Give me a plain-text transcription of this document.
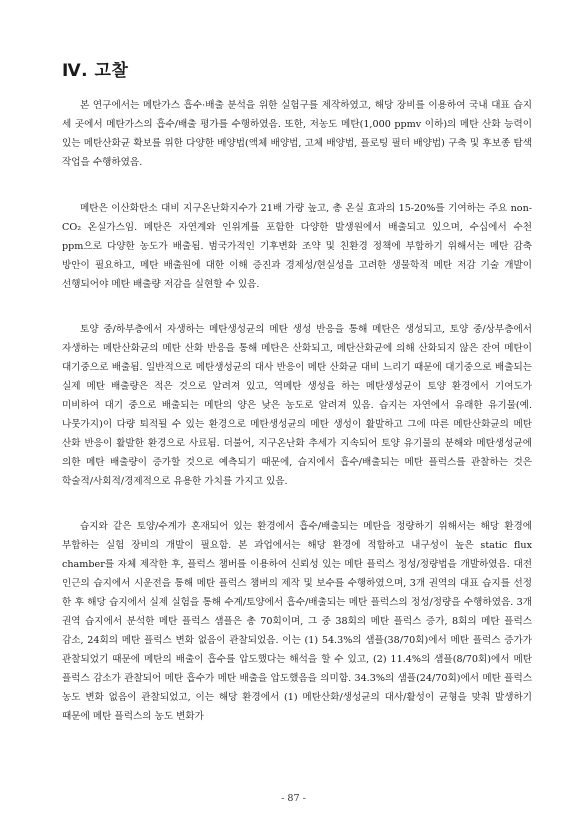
Ⅳ. 고찰

본 연구에서는 메탄가스 흡수·배출 분석을 위한 실험구를 제작하였고, 해당 장비를 이용하여 국내 대표 습지 세 곳에서 메탄가스의 흡수/배출 평가를 수행하였음. 또한, 저농도 메탄(1,000 ppmv 이하)의 메탄 산화 능력이 있는 메탄산화균 확보를 위한 다양한 배양법(액체 배양법, 고체 배양법, 플로팅 필터 배양법) 구축 및 후보종 탐색 작업을 수행하였음.

메탄은 이산화탄소 대비 지구온난화지수가 21배 가량 높고, 총 온실 효과의 15-20%를 기여하는 주요 non-CO₂ 온실가스임. 메탄은 자연계와 인위계를 포함한 다양한 발생원에서 배출되고 있으며, 수십에서 수천 ppm으로 다양한 농도가 배출됨. 범국가적인 기후변화 조약 및 친환경 정책에 부합하기 위해서는 메탄 감축 방안이 필요하고, 메탄 배출원에 대한 이해 증진과 경제성/현실성을 고려한 생물학적 메탄 저감 기술 개발이 선행되어야 메탄 배출량 저감을 실현할 수 있음.

토양 중/하부층에서 자생하는 메탄생성균의 메탄 생성 반응을 통해 메탄은 생성되고, 토양 중/상부층에서 자생하는 메탄산화균의 메탄 산화 반응을 통해 메탄은 산화되고, 메탄산화균에 의해 산화되지 않은 잔여 메탄이 대기중으로 배출됨. 일반적으로 메탄생성균의 대사 반응이 메탄 산화균 대비 느리기 때문에 대기중으로 배출되는 실제 메탄 배출량은 적은 것으로 알려져 있고, 역메탄 생성을 하는 메탄생성균이 토양 환경에서 기여도가 미비하여 대기 중으로 배출되는 메탄의 양은 낮은 농도로 알려져 있음. 습지는 자연에서 유래한 유기물(예. 나뭇가지)이 다량 퇴적될 수 있는 환경으로 메탄생성균의 메탄 생성이 활발하고 그에 따른 메탄산화균의 메탄 산화 반응이 활발한 환경으로 사료됨. 더불어, 지구온난화 추세가 지속되어 토양 유기물의 분해와 메탄생성균에 의한 메탄 배출량이 증가할 것으로 예측되기 때문에, 습지에서 흡수/배출되는 메탄 플럭스를 관찰하는 것은 학술적/사회적/경제적으로 유용한 가치를 가지고 있음.

습지와 같은 토양/수계가 혼재되어 있는 환경에서 흡수/배출되는 메탄을 정량하기 위해서는 해당 환경에 부합하는 실험 장비의 개발이 필요함. 본 과업에서는 해당 환경에 적합하고 내구성이 높은 static flux chamber를 자체 제작한 후, 플럭스 챔버를 이용하여 신뢰성 있는 메탄 플럭스 정성/정량법을 개발하였음. 대전 인근의 습지에서 시운전을 통해 메탄 플럭스 챔버의 제작 및 보수를 수행하였으며, 3개 권역의 대표 습지를 선정 한 후 해당 습지에서 실제 실험을 통해 수계/토양에서 흡수/배출되는 메탄 플럭스의 정성/정량을 수행하였음. 3개 권역 습지에서 분석한 메탄 플럭스 샘플은 총 70회이며, 그 중 38회의 메탄 플럭스 증가, 8회의 메탄 플럭스 감소, 24회의 메탄 플럭스 변화 없음이 관찰되었음. 이는 (1) 54.3%의 샘플(38/70회)에서 메탄 플럭스 증가가 관찰되었기 때문에 메탄의 배출이 흡수를 압도했다는 해석을 할 수 있고, (2) 11.4%의 샘플(8/70회)에서 메탄 플럭스 감소가 관찰되어 메탄 흡수가 메탄 배출을 압도했음을 의미함. 34.3%의 샘플(24/70회)에서 메탄 플럭스 농도 변화 없음이 관찰되었고, 이는 해당 환경에서 (1) 메탄산화/생성균의 대사/활성이 균형을 맞춰 발생하기 때문에 메탄 플럭스의 농도 변화가

- 87 -
